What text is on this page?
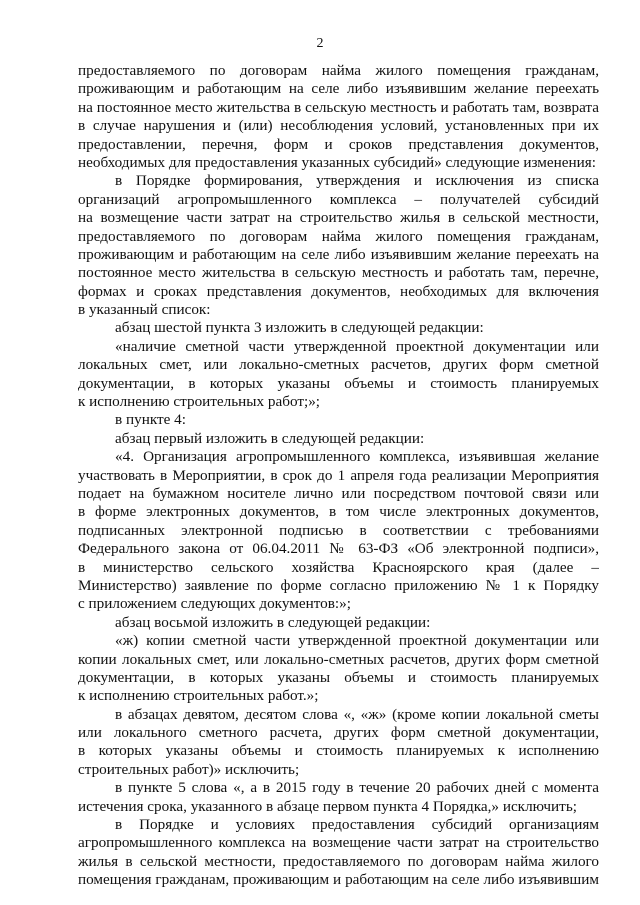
2
предоставляемого по договорам найма жилого помещения гражданам,
проживающим и работающим на селе либо изъявившим желание переехать
на постоянное место жительства в сельскую местность и работать там, возврата
в случае нарушения и (или) несоблюдения условий, установленных при их
предоставлении, перечня, форм и сроков представления документов,
необходимых для предоставления указанных субсидий» следующие изменения:
в Порядке формирования, утверждения и исключения из списка
организаций агропромышленного комплекса – получателей субсидий
на возмещение части затрат на строительство жилья в сельской местности,
предоставляемого по договорам найма жилого помещения гражданам,
проживающим и работающим на селе либо изъявившим желание переехать на
постоянное место жительства в сельскую местность и работать там, перечне,
формах и сроках представления документов, необходимых для включения
в указанный список:
абзац шестой пункта 3 изложить в следующей редакции:
«наличие сметной части утвержденной проектной документации или
локальных смет, или локально-сметных расчетов, других форм сметной
документации, в которых указаны объемы и стоимость планируемых
к исполнению строительных работ;»;
в пункте 4:
абзац первый изложить в следующей редакции:
«4. Организация агропромышленного комплекса, изъявившая желание
участвовать в Мероприятии, в срок до 1 апреля года реализации Мероприятия
подает на бумажном носителе лично или посредством почтовой связи или
в форме электронных документов, в том числе электронных документов,
подписанных электронной подписью в соответствии с требованиями
Федерального закона от 06.04.2011 № 63-ФЗ «Об электронной подписи»,
в министерство сельского хозяйства Красноярского края (далее –
Министерство) заявление по форме согласно приложению № 1 к Порядку
с приложением следующих документов:»;
абзац восьмой изложить в следующей редакции:
«ж) копии сметной части утвержденной проектной документации или
копии локальных смет, или локально-сметных расчетов, других форм сметной
документации, в которых указаны объемы и стоимость планируемых
к исполнению строительных работ.»;
в абзацах девятом, десятом слова «, «ж» (кроме копии локальной сметы
или локального сметного расчета, других форм сметной документации,
в которых указаны объемы и стоимость планируемых к исполнению
строительных работ)» исключить;
в пункте 5 слова «, а в 2015 году в течение 20 рабочих дней с момента
истечения срока, указанного в абзаце первом пункта 4 Порядка,» исключить;
в Порядке и условиях предоставления субсидий организациям
агропромышленного комплекса на возмещение части затрат на строительство
жилья в сельской местности, предоставляемого по договорам найма жилого
помещения гражданам, проживающим и работающим на селе либо изъявившим
